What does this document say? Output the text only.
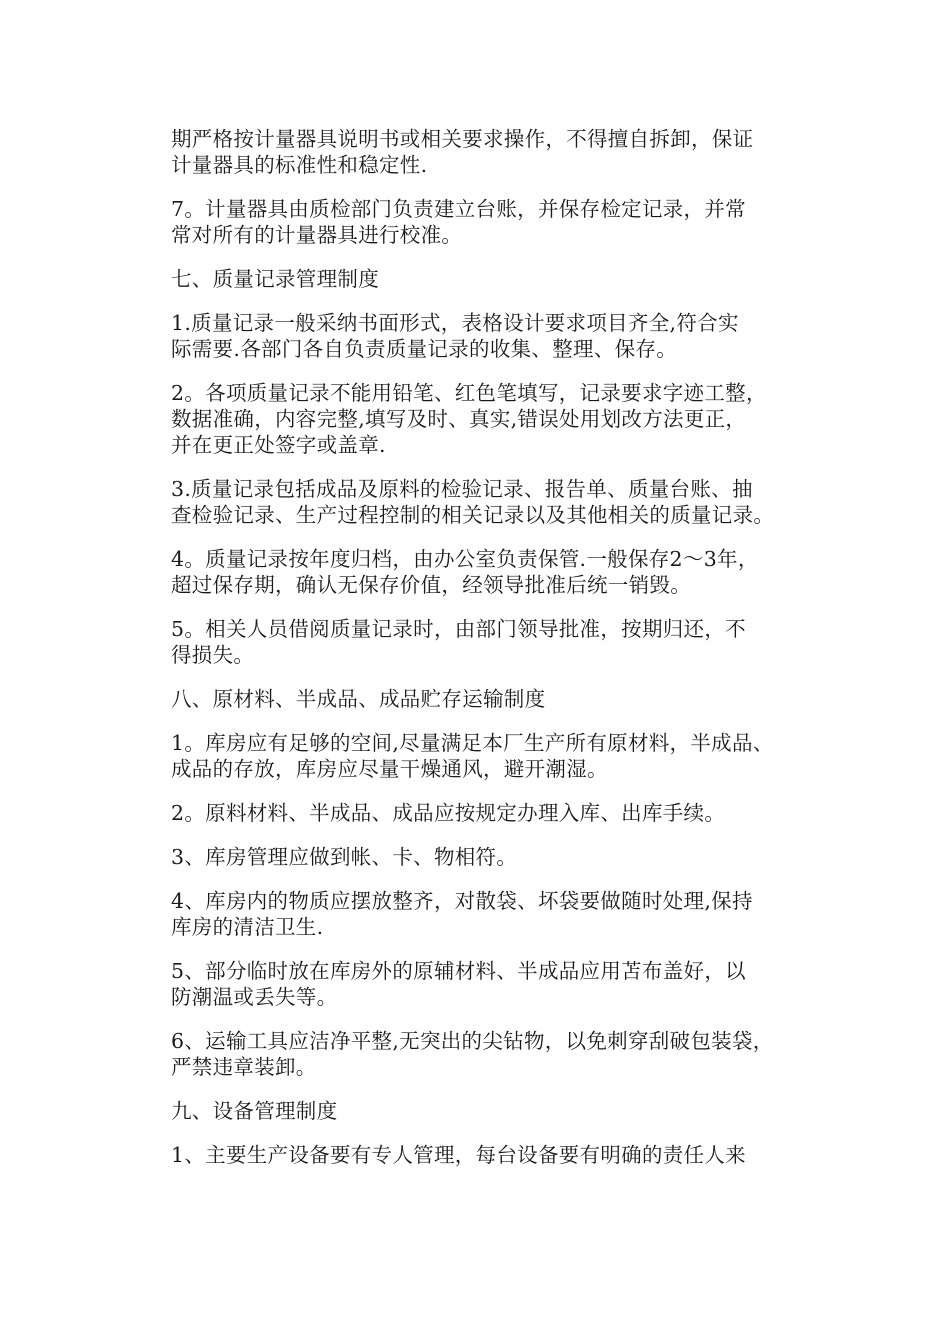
期严格按计量器具说明书或相关要求操作，不得擅自拆卸，保证
计量器具的标准性和稳定性.

7。计量器具由质检部门负责建立台账，并保存检定记录，并常
常对所有的计量器具进行校准。

七、质量记录管理制度

1.质量记录一般采纳书面形式，表格设计要求项目齐全,符合实
际需要.各部门各自负责质量记录的收集、整理、保存。

2。各项质量记录不能用铅笔、红色笔填写，记录要求字迹工整，
数据准确，内容完整,填写及时、真实,错误处用划改方法更正，
并在更正处签字或盖章.

3.质量记录包括成品及原料的检验记录、报告单、质量台账、抽
查检验记录、生产过程控制的相关记录以及其他相关的质量记录。

4。质量记录按年度归档，由办公室负责保管.一般保存2～3年，
超过保存期，确认无保存价值，经领导批准后统一销毁。

5。相关人员借阅质量记录时，由部门领导批准，按期归还，不
得损失。

八、原材料、半成品、成品贮存运输制度

1。库房应有足够的空间,尽量满足本厂生产所有原材料，半成品、
成品的存放，库房应尽量干燥通风，避开潮湿。

2。原料材料、半成品、成品应按规定办理入库、出库手续。

3、库房管理应做到帐、卡、物相符。

4、库房内的物质应摆放整齐，对散袋、坏袋要做随时处理,保持
库房的清洁卫生.

5、部分临时放在库房外的原辅材料、半成品应用苫布盖好，以
防潮温或丢失等。

6、运输工具应洁净平整,无突出的尖钻物，以免刺穿刮破包装袋，
严禁违章装卸。

九、设备管理制度

1、主要生产设备要有专人管理，每台设备要有明确的责任人来
